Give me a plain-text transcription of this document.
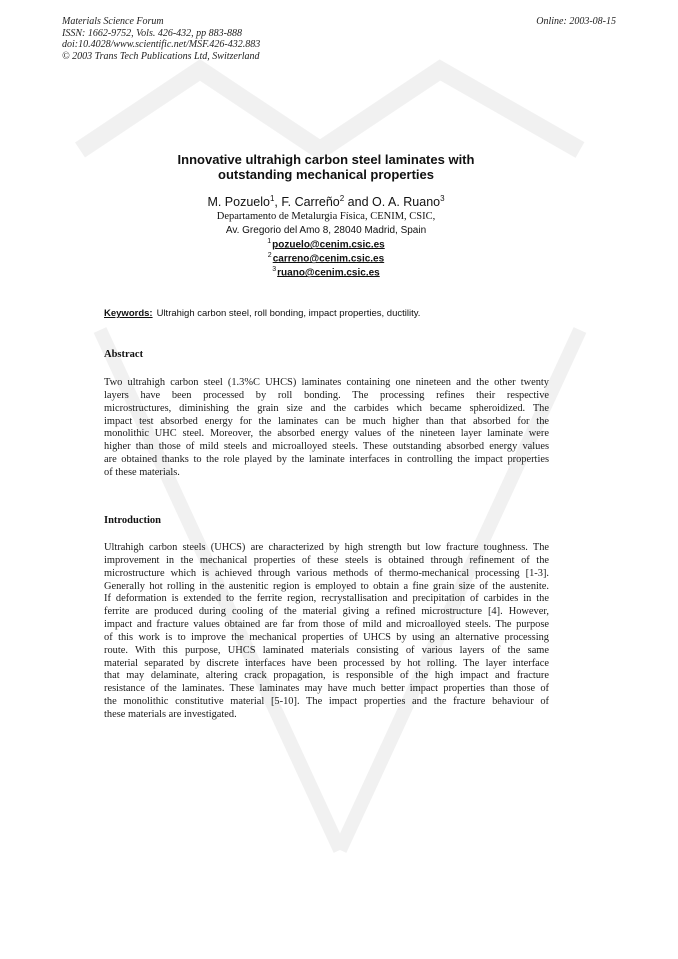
Materials Science Forum
ISSN: 1662-9752, Vols. 426-432, pp 883-888
doi:10.4028/www.scientific.net/MSF.426-432.883
© 2003 Trans Tech Publications Ltd, Switzerland
Online: 2003-08-15
Innovative ultrahigh carbon steel laminates with
outstanding mechanical properties
M. Pozuelo$^1$, F. Carreño$^2$ and O. A. Ruano$^3$
Departamento de Metalurgia Física, CENIM, CSIC,
Av. Gregorio del Amo 8, 28040 Madrid, Spain
$^1$pozuelo@cenim.csic.es
$^2$carreno@cenim.csic.es
$^3$ruano@cenim.csic.es
Keywords: Ultrahigh carbon steel, roll bonding, impact properties, ductility.
Abstract
Two ultrahigh carbon steel (1.3%C UHCS) laminates containing one nineteen and the other twenty
layers have been processed by roll bonding. The processing refines their respective
microstructures, diminishing the grain size and the carbides which became spheroidized. The
impact test absorbed energy for the laminates can be much higher than that absorbed for the
monolithic UHC steel. Moreover, the absorbed energy values of the nineteen layer laminate were
higher than those of mild steels and microalloyed steels. These outstanding absorbed energy values
are obtained thanks to the role played by the laminate interfaces in controlling the impact properties
of these materials.
Introduction
Ultrahigh carbon steels (UHCS) are characterized by high strength but low fracture toughness. The
improvement in the mechanical properties of these steels is obtained through refinement of the
microstructure which is achieved through various methods of thermo-mechanical processing [1-3].
Generally hot rolling in the austenitic region is employed to obtain a fine grain size of the austenite.
If deformation is extended to the ferrite region, recrystallisation and precipitation of carbides in the
ferrite are produced during cooling of the material giving a refined microstructure [4]. However,
impact and fracture values obtained are far from those of mild and microalloyed steels. The purpose
of this work is to improve the mechanical properties of UHCS by using an alternative processing
route. With this purpose, UHCS laminated materials consisting of various layers of the same
material separated by discrete interfaces have been processed by hot rolling. The layer interface
that may delaminate, altering crack propagation, is responsible of the high impact and fracture
resistance of the laminates. These laminates may have much better impact properties than those of
the monolithic constitutive material [5-10]. The impact properties and the fracture behaviour of
these materials are investigated.
